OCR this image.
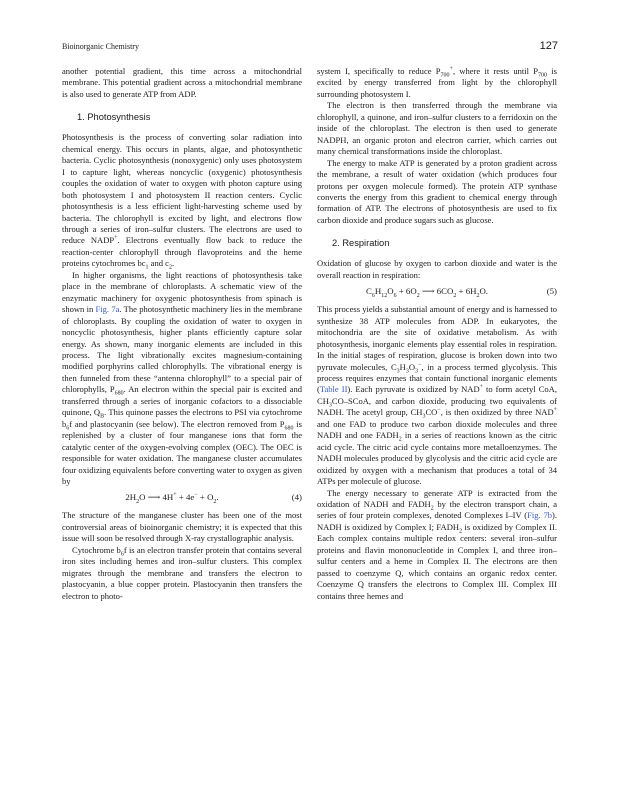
Bioinorganic Chemistry	127

another potential gradient, this time across a mitochondrial membrane. This potential gradient across a mitochondrial membrane is also used to generate ATP from ADP.

1. Photosynthesis

Photosynthesis is the process of converting solar radiation into chemical energy. This occurs in plants, algae, and photosynthetic bacteria. Cyclic photosynthesis (nonoxygenic) only uses photosystem I to capture light, whereas noncyclic (oxygenic) photosynthesis couples the oxidation of water to oxygen with photon capture using both photosystem I and photosystem II reaction centers. Cyclic photosynthesis is a less efficient light-harvesting scheme used by bacteria. The chlorophyll is excited by light, and electrons flow through a series of iron–sulfur clusters. The electrons are used to reduce NADP+. Electrons eventually flow back to reduce the reaction-center chlorophyll through flavoproteins and the heme proteins cytochromes $bc_1$ and $c_2$.

In higher organisms, the light reactions of photosynthesis take place in the membrane of chloroplasts. A schematic view of the enzymatic machinery for oxygenic photosynthesis from spinach is shown in Fig. 7a. The photosynthetic machinery lies in the membrane of chloroplasts. By coupling the oxidation of water to oxygen in noncyclic photosynthesis, higher plants efficiently capture solar energy. As shown, many inorganic elements are included in this process. The light vibrationally excites magnesium-containing modified porphyrins called chlorophylls. The vibrational energy is then funneled from these “antenna chlorophyll” to a special pair of chlorophylls, $P_{680}$. An electron within the special pair is excited and transferred through a series of inorganic cofactors to a dissociable quinone, $Q_B$. This quinone passes the electrons to PSI via cytochrome $b_6f$ and plastocyanin (see below). The electron removed from $P_{680}$ is replenished by a cluster of four manganese ions that form the catalytic center of the oxygen-evolving complex (OEC). The OEC is responsible for water oxidation. The manganese cluster accumulates four oxidizing equivalents before converting water to oxygen as given by

$2H_2O$ ⟶ $4H^+ + 4e^- + O_2$.	(4)

The structure of the manganese cluster has been one of the most controversial areas of bioinorganic chemistry; it is expected that this issue will soon be resolved through X-ray crystallographic analysis.

Cytochrome $b_6f$ is an electron transfer protein that contains several iron sites including hemes and iron–sulfur clusters. This complex migrates through the membrane and transfers the electron to plastocyanin, a blue copper protein. Plastocyanin then transfers the electron to photo-

system I, specifically to reduce $P_{700}^+$, where it rests until $P_{700}$ is excited by energy transferred from light by the chlorophyll surrounding photosystem I.

The electron is then transferred through the membrane via chlorophyll, a quinone, and iron–sulfur clusters to a ferridoxin on the inside of the chloroplast. The electron is then used to generate NADPH, an organic proton and electron carrier, which carries out many chemical transformations inside the chloroplast.

The energy to make ATP is generated by a proton gradient across the membrane, a result of water oxidation (which produces four protons per oxygen molecule formed). The protein ATP synthase converts the energy from this gradient to chemical energy through formation of ATP. The electrons of photosynthesis are used to fix carbon dioxide and produce sugars such as glucose.

2. Respiration

Oxidation of glucose by oxygen to carbon dioxide and water is the overall reaction in respiration:

$C_6H_{12}O_6 + 6O_2$ ⟶ $6CO_2 + 6H_2O$.	(5)

This process yields a substantial amount of energy and is harnessed to synthesize 38 ATP molecules from ADP. In eukaryotes, the mitochondria are the site of oxidative metabolism. As with photosynthesis, inorganic elements play essential roles in respiration. In the initial stages of respiration, glucose is broken down into two pyruvate molecules, $C_3H_3O_3^-$, in a process termed glycolysis. This process requires enzymes that contain functional inorganic elements (Table II). Each pyruvate is oxidized by NAD+ to form acetyl CoA, $CH_3CO$–SCoA, and carbon dioxide, producing two equivalents of NADH. The acetyl group, $CH_3CO^-$, is then oxidized by three NAD+ and one FAD to produce two carbon dioxide molecules and three NADH and one $FADH_2$ in a series of reactions known as the citric acid cycle. The citric acid cycle contains more metalloenzymes. The NADH molecules produced by glycolysis and the citric acid cycle are oxidized by oxygen with a mechanism that produces a total of 34 ATPs per molecule of glucose.

The energy necessary to generate ATP is extracted from the oxidation of NADH and $FADH_2$ by the electron transport chain, a series of four protein complexes, denoted Complexes I–IV (Fig. 7b). NADH is oxidized by Complex I; $FADH_2$ is oxidized by Complex II. Each complex contains multiple redox centers: several iron–sulfur proteins and flavin mononucleotide in Complex I, and three iron–sulfur centers and a heme in Complex II. The electrons are then passed to coenzyme Q, which contains an organic redox center. Coenzyme Q transfers the electrons to Complex III. Complex III contains three hemes and
